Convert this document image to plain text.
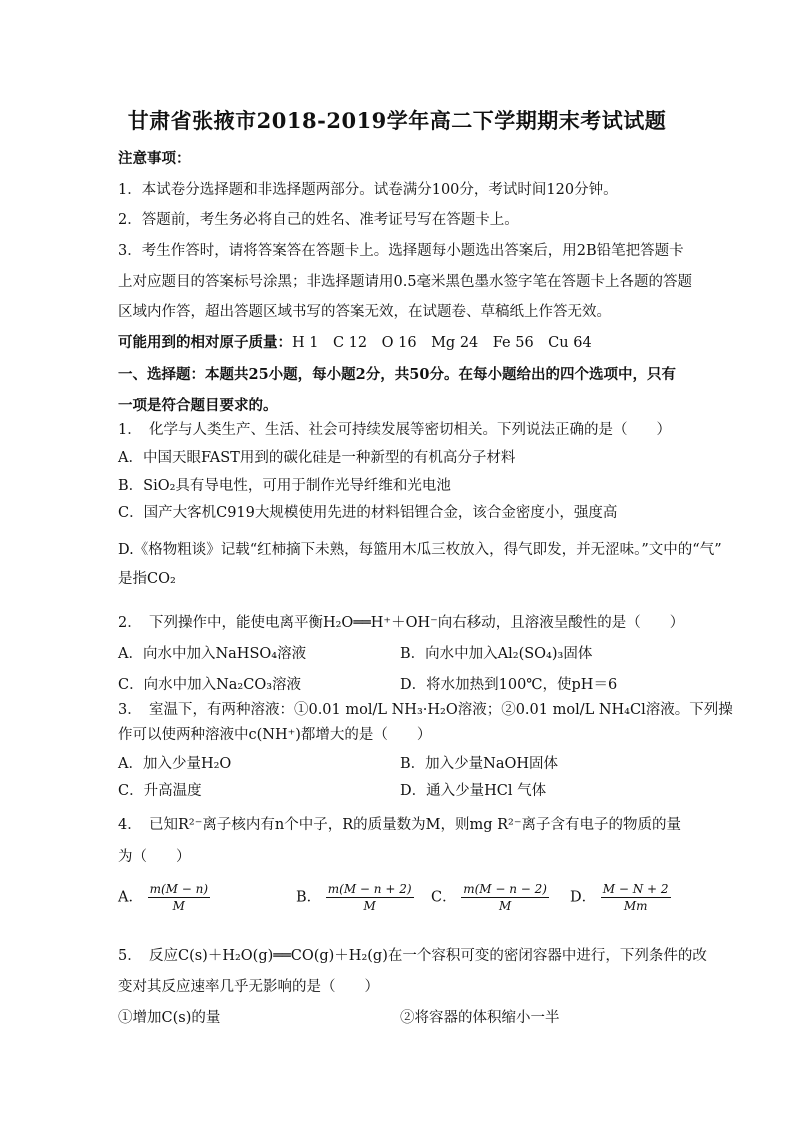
甘肃省张掖市2018-2019学年高二下学期期末考试试题
注意事项：
1．本试卷分选择题和非选择题两部分。试卷满分100分，考试时间120分钟。
2．答题前，考生务必将自己的姓名、准考证号写在答题卡上。
3．考生作答时，请将答案答在答题卡上。选择题每小题选出答案后，用2B铅笔把答题卡
上对应题目的答案标号涂黑；非选择题请用0.5毫米黑色墨水签字笔在答题卡上各题的答题
区域内作答，超出答题区域书写的答案无效，在试题卷、草稿纸上作答无效。
可能用到的相对原子质量：H 1　C 12　O 16　Mg 24　Fe 56　Cu 64
一、选择题：本题共25小题，每小题2分，共50分。在每小题给出的四个选项中，只有
一项是符合题目要求的。
1．　化学与人类生产、生活、社会可持续发展等密切相关。下列说法正确的是（　　）
A．中国天眼FAST用到的碳化硅是一种新型的有机高分子材料
B．SiO₂具有导电性，可用于制作光导纤维和光电池
C．国产大客机C919大规模使用先进的材料铝锂合金，该合金密度小，强度高
D.《格物粗谈》记载“红柿摘下未熟，每篮用木瓜三枚放入，得气即发，并无涩味。”文中的“气”
是指CO₂
2．　下列操作中，能使电离平衡H₂O══H⁺＋OH⁻向右移动，且溶液呈酸性的是（　　）
A．向水中加入NaHSO₄溶液	B．向水中加入Al₂(SO₄)₃固体
C．向水中加入Na₂CO₃溶液	D．将水加热到100℃，使pH＝6
3．　室温下，有两种溶液：①0.01 mol/L NH₃·H₂O溶液；②0.01 mol/L NH₄Cl溶液。下列操
作可以使两种溶液中c(NH⁺)都增大的是（　　）
A．加入少量H₂O	B．加入少量NaOH固体
C．升高温度	D．通入少量HCl 气体
4．　已知R²⁻离子核内有n个中子，R的质量数为M，则mg R²⁻离子含有电子的物质的量
为（　　）
A． $\frac{m(M - n)}{M}$	B． $\frac{m(M - n + 2)}{M}$ C． $\frac{m(M - n - 2)}{M}$ D． $\frac{M - N + 2}{Mm}$
5．　反应C(s)＋H₂O(g)══CO(g)＋H₂(g)在一个容积可变的密闭容器中进行，下列条件的改
变对其反应速率几乎无影响的是（　　）
①增加C(s)的量	②将容器的体积缩小一半
